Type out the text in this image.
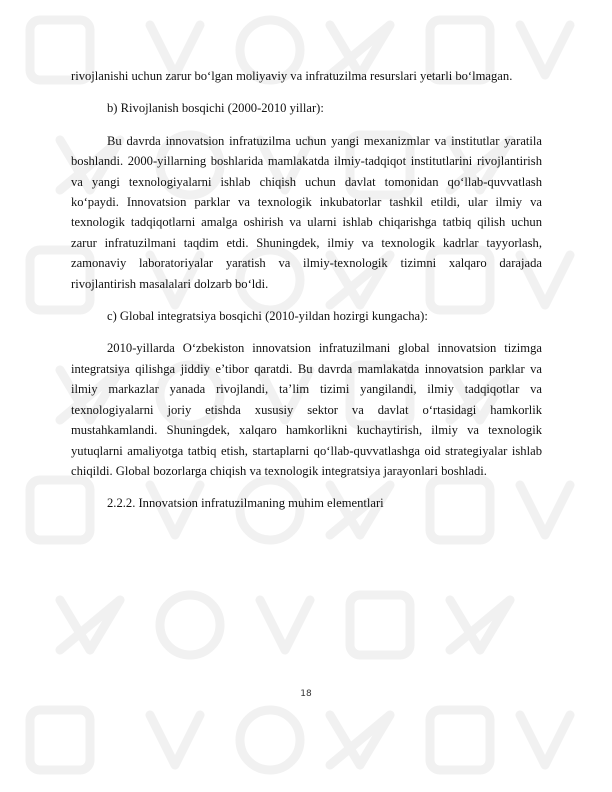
rivojlanishi uchun zarur bo‘lgan moliyaviy va infratuzilma resurslari yetarli bo‘lmagan.

b) Rivojlanish bosqichi (2000-2010 yillar):

Bu davrda innovatsion infratuzilma uchun yangi mexanizmlar va institutlar yaratila boshlandi. 2000-yillarning boshlarida mamlakatda ilmiy-tadqiqot institutlarini rivojlantirish va yangi texnologiyalarni ishlab chiqish uchun davlat tomonidan qo‘llab-quvvatlash ko‘paydi. Innovatsion parklar va texnologik inkubatorlar tashkil etildi, ular ilmiy va texnologik tadqiqotlarni amalga oshirish va ularni ishlab chiqarishga tatbiq qilish uchun zarur infratuzilmani taqdim etdi. Shuningdek, ilmiy va texnologik kadrlar tayyorlash, zamonaviy laboratoriyalar yaratish va ilmiy-texnologik tizimni xalqaro darajada rivojlantirish masalalari dolzarb bo‘ldi.

c) Global integratsiya bosqichi (2010-yildan hozirgi kungacha):

2010-yillarda O‘zbekiston innovatsion infratuzilmani global innovatsion tizimga integratsiya qilishga jiddiy e’tibor qaratdi. Bu davrda mamlakatda innovatsion parklar va ilmiy markazlar yanada rivojlandi, ta’lim tizimi yangilandi, ilmiy tadqiqotlar va texnologiyalarni joriy etishda xususiy sektor va davlat o‘rtasidagi hamkorlik mustahkamlandi. Shuningdek, xalqaro hamkorlikni kuchaytirish, ilmiy va texnologik yutuqlarni amaliyotga tatbiq etish, startaplarni qo‘llab-quvvatlashga oid strategiyalar ishlab chiqildi. Global bozorlarga chiqish va texnologik integratsiya jarayonlari boshladi.

2.2.2. Innovatsion infratuzilmaning muhim elementlari

18
